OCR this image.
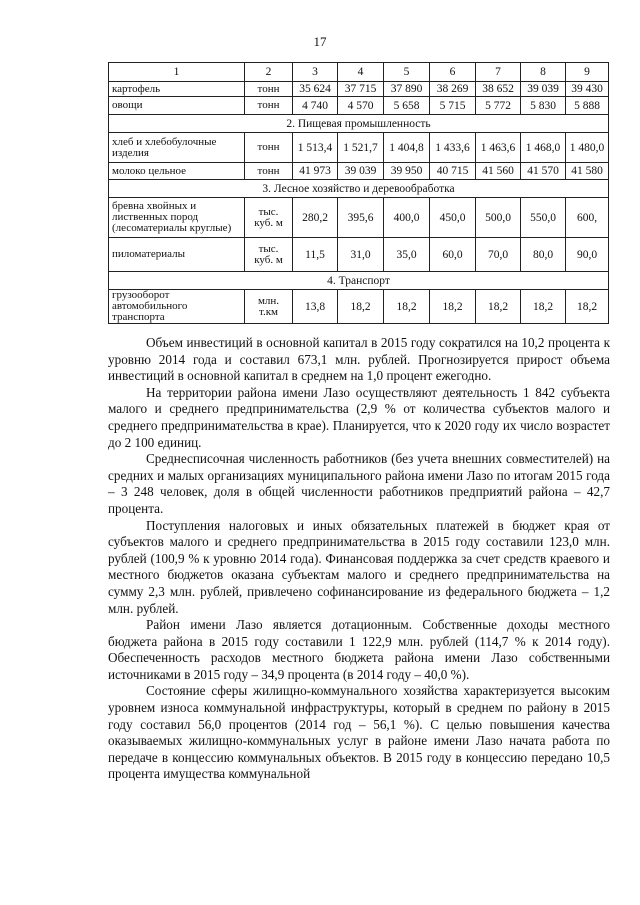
17
1	2	3	4	5	6	7	8	9
картофель	тонн	35 624	37 715	37 890	38 269	38 652	39 039	39 430
овощи	тонн	4 740	4 570	5 658	5 715	5 772	5 830	5 888
2. Пищевая промышленность								
хлеб и хлебобулочные изделия	тонн	1 513,4	1 521,7	1 404,8	1 433,6	1 463,6	1 468,0	1 480,0
молоко цельное	тонн	41 973	39 039	39 950	40 715	41 560	41 570	41 580
3. Лесное хозяйство и деревообработка								
бревна хвойных и лиственных пород (лесоматериалы круглые)	тыс. куб. м	280,2	395,6	400,0	450,0	500,0	550,0	600,
пиломатериалы	тыс. куб. м	11,5	31,0	35,0	60,0	70,0	80,0	90,0
4. Транспорт								
грузооборот автомобильного транспорта	млн. т.км	13,8	18,2	18,2	18,2	18,2	18,2	18,2

Объем инвестиций в основной капитал в 2015 году сократился на 10,2 процента к уровню 2014 года и составил 673,1 млн. рублей. Прогнозируется прирост объема инвестиций в основной капитал в среднем на 1,0 процент ежегодно.

На территории района имени Лазо осуществляют деятельность 1 842 субъекта малого и среднего предпринимательства (2,9 % от количества субъектов малого и среднего предпринимательства в крае). Планируется, что к 2020 году их число возрастет до 2 100 единиц.

Среднесписочная численность работников (без учета внешних совместителей) на средних и малых организациях муниципального района имени Лазо по итогам 2015 года – 3 248 человек, доля в общей численности работников предприятий района – 42,7 процента.

Поступления налоговых и иных обязательных платежей в бюджет края от субъектов малого и среднего предпринимательства в 2015 году составили 123,0 млн. рублей (100,9 % к уровню 2014 года). Финансовая поддержка за счет средств краевого и местного бюджетов оказана субъектам малого и среднего предпринимательства на сумму 2,3 млн. рублей, привлечено софинансирование из федерального бюджета – 1,2 млн. рублей.

Район имени Лазо является дотационным. Собственные доходы местного бюджета района в 2015 году составили 1 122,9 млн. рублей (114,7 % к 2014 году). Обеспеченность расходов местного бюджета района имени Лазо собственными источниками в 2015 году – 34,9 процента (в 2014 году – 40,0 %).

Состояние сферы жилищно-коммунального хозяйства характеризуется высоким уровнем износа коммунальной инфраструктуры, который в среднем по району в 2015 году составил 56,0 процентов (2014 год – 56,1 %). С целью повышения качества оказываемых жилищно-коммунальных услуг в районе имени Лазо начата работа по передаче в концессию коммунальных объектов. В 2015 году в концессию передано 10,5 процента имущества коммунальной
